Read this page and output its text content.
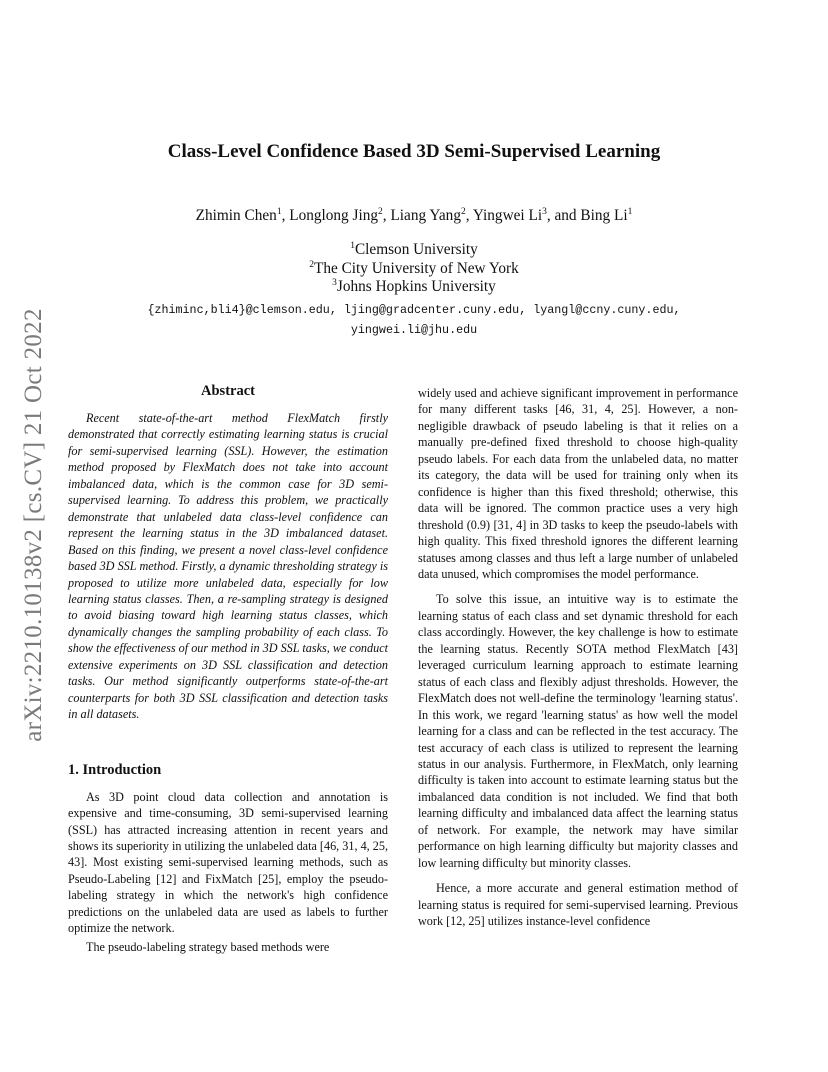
arXiv:2210.10138v2 [cs.CV] 21 Oct 2022
Class-Level Confidence Based 3D Semi-Supervised Learning
Zhimin Chen$^1$, Longlong Jing$^2$, Liang Yang$^2$, Yingwei Li$^3$, and Bing Li$^1$
$^1$Clemson University
$^2$The City University of New York
$^3$Johns Hopkins University
{zhiminc,bli4}@clemson.edu, ljing@gradcenter.cuny.edu, lyangl@ccny.cuny.edu,
yingwei.li@jhu.edu
Abstract

Recent state-of-the-art method FlexMatch firstly demonstrated that correctly estimating learning status is crucial for semi-supervised learning (SSL). However, the estimation method proposed by FlexMatch does not take into account imbalanced data, which is the common case for 3D semi-supervised learning. To address this problem, we practically demonstrate that unlabeled data class-level confidence can represent the learning status in the 3D imbalanced dataset. Based on this finding, we present a novel class-level confidence based 3D SSL method. Firstly, a dynamic thresholding strategy is proposed to utilize more unlabeled data, especially for low learning status classes. Then, a re-sampling strategy is designed to avoid biasing toward high learning status classes, which dynamically changes the sampling probability of each class. To show the effectiveness of our method in 3D SSL tasks, we conduct extensive experiments on 3D SSL classification and detection tasks. Our method significantly outperforms state-of-the-art counterparts for both 3D SSL classification and detection tasks in all datasets.

1. Introduction

As 3D point cloud data collection and annotation is expensive and time-consuming, 3D semi-supervised learning (SSL) has attracted increasing attention in recent years and shows its superiority in utilizing the unlabeled data [46, 31, 4, 25, 43]. Most existing semi-supervised learning methods, such as Pseudo-Labeling [12] and FixMatch [25], employ the pseudo-labeling strategy in which the network's high confidence predictions on the unlabeled data are used as labels to further optimize the network.

The pseudo-labeling strategy based methods were

widely used and achieve significant improvement in performance for many different tasks [46, 31, 4, 25]. However, a non-negligible drawback of pseudo labeling is that it relies on a manually pre-defined fixed threshold to choose high-quality pseudo labels. For each data from the unlabeled data, no matter its category, the data will be used for training only when its confidence is higher than this fixed threshold; otherwise, this data will be ignored. The common practice uses a very high threshold (0.9) [31, 4] in 3D tasks to keep the pseudo-labels with high quality. This fixed threshold ignores the different learning statuses among classes and thus left a large number of unlabeled data unused, which compromises the model performance.

To solve this issue, an intuitive way is to estimate the learning status of each class and set dynamic threshold for each class accordingly. However, the key challenge is how to estimate the learning status. Recently SOTA method FlexMatch [43] leveraged curriculum learning approach to estimate learning status of each class and flexibly adjust thresholds. However, the FlexMatch does not well-define the terminology 'learning status'. In this work, we regard 'learning status' as how well the model learning for a class and can be reflected in the test accuracy. The test accuracy of each class is utilized to represent the learning status in our analysis. Furthermore, in FlexMatch, only learning difficulty is taken into account to estimate learning status but the imbalanced data condition is not included. We find that both learning difficulty and imbalanced data affect the learning status of network. For example, the network may have similar performance on high learning difficulty but majority classes and low learning difficulty but minority classes.

Hence, a more accurate and general estimation method of learning status is required for semi-supervised learning. Previous work [12, 25] utilizes instance-level confidence
